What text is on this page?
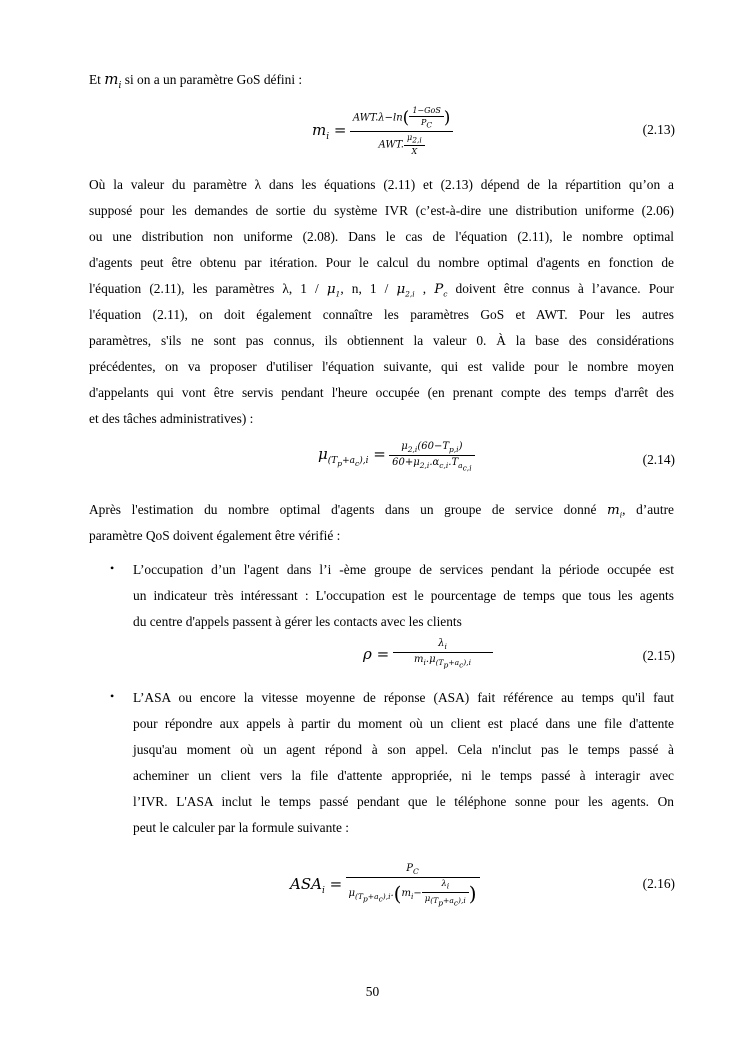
Et $m_i$ si on a un paramètre GoS défini :
$m_i = \frac{AWT.\lambda-\ln( \frac{\text{1−GoS}}{P_C} )}{AWT. \frac{\mu_{2,i}}{X}}$	(2.13)
Où la valeur du paramètre λ dans les équations (2.11) et (2.13) dépend de la répartition qu’on a
supposé pour les demandes de sortie du système IVR (c’est-à-dire une distribution uniforme (2.06)
ou une distribution non uniforme (2.08). Dans le cas de l'équation (2.11), le nombre optimal
d'agents peut être obtenu par itération. Pour le calcul du nombre optimal d'agents en fonction de
l'équation (2.11), les paramètres λ, $1 / \mu_1$, n, $1 / \mu_{2,i}$ , $P_c$ doivent être connus à l’avance. Pour
l'équation (2.11), on doit également connaître les paramètres GoS et AWT. Pour les autres
paramètres, s'ils ne sont pas connus, ils obtiennent la valeur 0. À la base des considérations
précédentes, on va proposer d'utiliser l'équation suivante, qui est valide pour le nombre moyen
d'appelants qui vont être servis pendant l'heure occupée (en prenant compte des temps d'arrêt des
et des tâches administratives) :
$\mu_{(T_p+a_c),i} = \frac{\mu_{2,i}(60-T_{p,i})}{60+\mu_{2,i}.\alpha_{c,i}.T_{a_{c,i}}}$	(2.14)
Après l'estimation du nombre optimal d'agents dans un groupe de service donné $m_i$, d’autre
paramètre QoS doivent également être vérifié :
• L’occupation d’un l'agent dans l’i -ème groupe de services pendant la période occupée est
un indicateur très intéressant : L'occupation est le pourcentage de temps que tous les agents
du centre d'appels passent à gérer les contacts avec les clients
$\rho = \frac{\lambda_i}{m_i.\mu_{(T_p+a_c),i}}$	(2.15)
• L’ASA ou encore la vitesse moyenne de réponse (ASA) fait référence au temps qu'il faut
pour répondre aux appels à partir du moment où un client est placé dans une file d'attente
jusqu'au moment où un agent répond à son appel. Cela n'inclut pas le temps passé à
acheminer un client vers la file d'attente appropriée, ni le temps passé à interagir avec
l’IVR. L'ASA inclut le temps passé pendant que le téléphone sonne pour les agents. On
peut le calculer par la formule suivante :
$ASA_i = \frac{P_C}{\mu_{(T_p+a_c),i}.(m_i- \frac{\lambda_i}{\mu_{(T_p+a_c),i}} )}$	(2.16)
50
